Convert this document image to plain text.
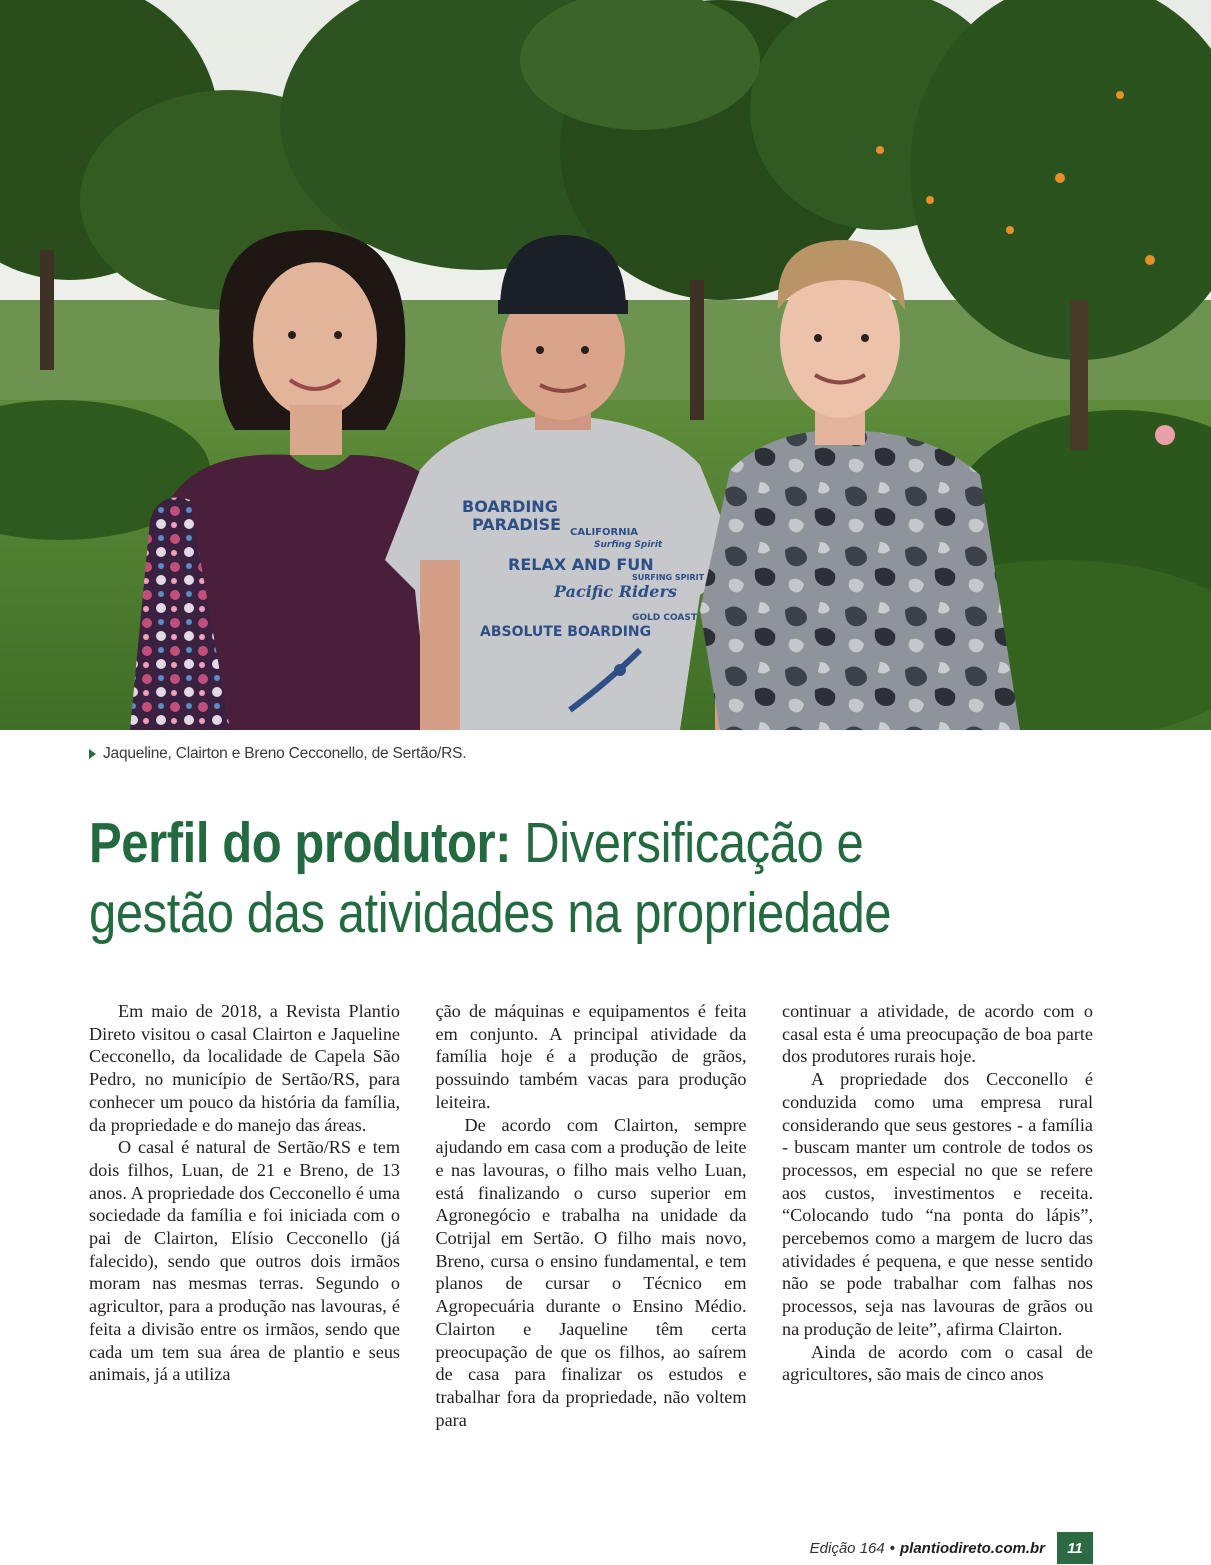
BOARDING
PARADISE CALIFORNIA
Surfing Spirit
RELAX AND FUN
SURFING SPIRIT
Pacific Riders
GOLD COAST
ABSOLUTE BOARDING
Jaqueline, Clairton e Breno Cecconello, de Sertão/RS.
Perfil do produtor: Diversificação e
gestão das atividades na propriedade

Em maio de 2018, a Revista Plantio Direto visitou o casal Clairton e Jaqueline Cecconello, da localidade de Capela São Pedro, no município de Sertão/RS, para conhecer um pouco da história da família, da propriedade e do manejo das áreas.

O casal é natural de Sertão/RS e tem dois filhos, Luan, de 21 e Breno, de 13 anos. A propriedade dos Cecconello é uma sociedade da família e foi iniciada com o pai de Clairton, Elísio Cecconello (já falecido), sendo que outros dois irmãos moram nas mesmas terras. Segundo o agricultor, para a produção nas lavouras, é feita a divisão entre os irmãos, sendo que cada um tem sua área de plantio e seus animais, já a utiliza

ção de máquinas e equipamentos é feita em conjunto. A principal atividade da família hoje é a produção de grãos, possuindo também vacas para produção leiteira.

De acordo com Clairton, sempre ajudando em casa com a produção de leite e nas lavouras, o filho mais velho Luan, está finalizando o curso superior em Agronegócio e trabalha na unidade da Cotrijal em Sertão. O filho mais novo, Breno, cursa o ensino fundamental, e tem planos de cursar o Técnico em Agropecuária durante o Ensino Médio. Clairton e Jaqueline têm certa preocupação de que os filhos, ao saírem de casa para finalizar os estudos e trabalhar fora da propriedade, não voltem para

continuar a atividade, de acordo com o casal esta é uma preocupação de boa parte dos produtores rurais hoje.

A propriedade dos Cecconello é conduzida como uma empresa rural considerando que seus gestores - a família - buscam manter um controle de todos os processos, em especial no que se refere aos custos, investimentos e receita. “Colocando tudo “na ponta do lápis”, percebemos como a margem de lucro das atividades é pequena, e que nesse sentido não se pode trabalhar com falhas nos processos, seja nas lavouras de grãos ou na produção de leite”, afirma Clairton.

Ainda de acordo com o casal de agricultores, são mais de cinco anos

Edição 164 • plantiodireto.com.br	11
